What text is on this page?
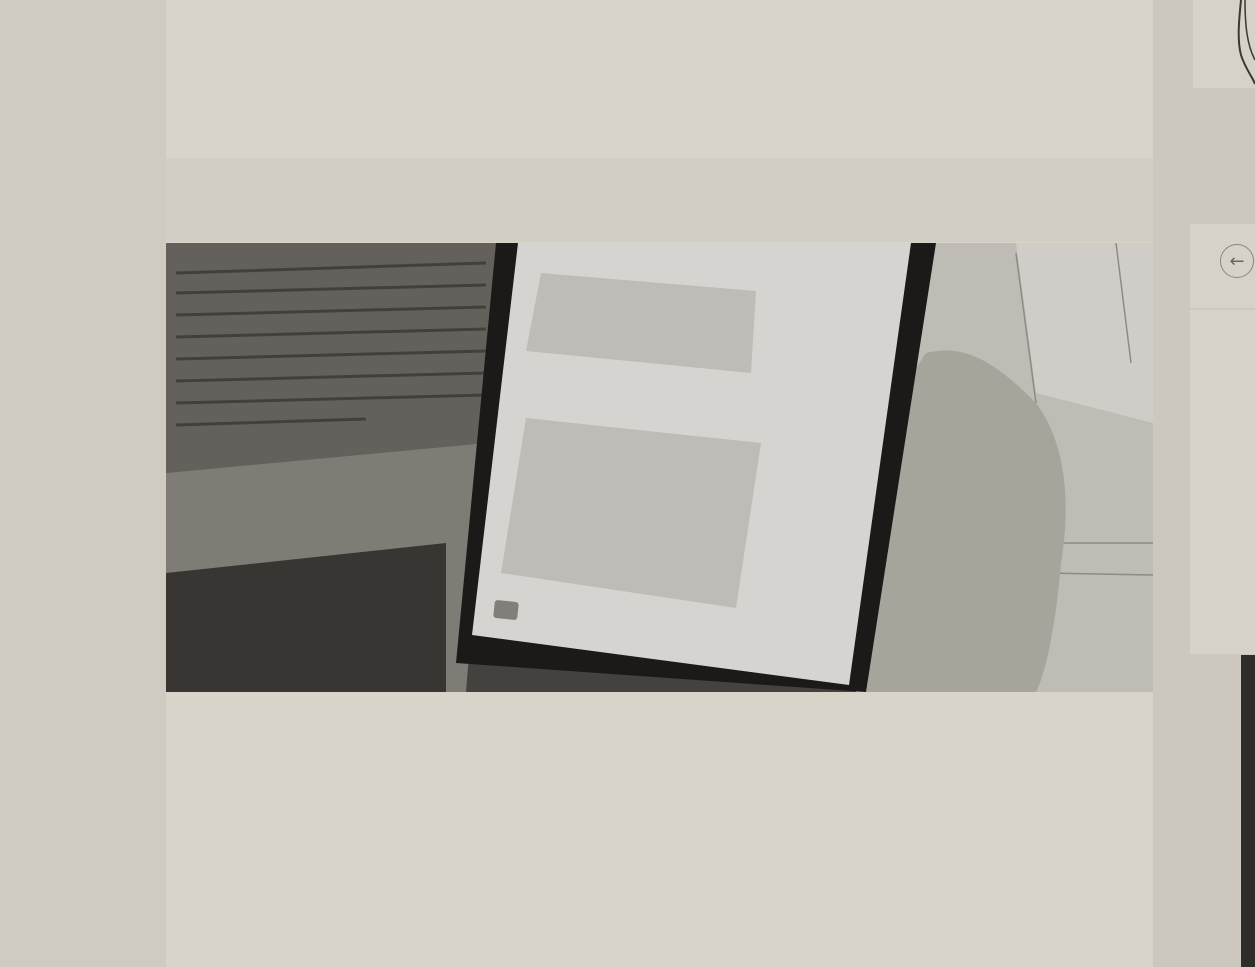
←
